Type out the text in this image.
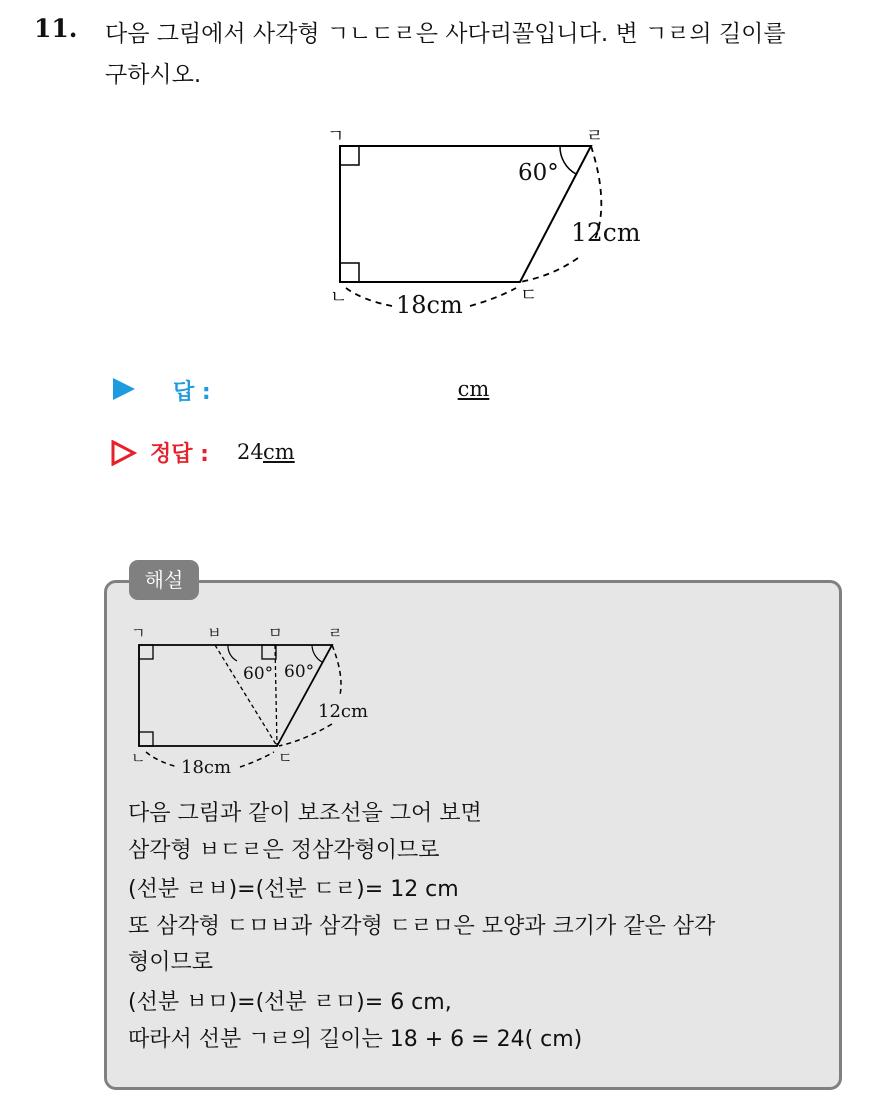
11. 다음 그림에서 사각형 ㄱㄴㄷㄹ은 사다리꼴입니다. 변 ㄱㄹ의 길이를
구하시오.
ㄱ	ㄹ
ㄴ	ㄷ
60°
12cm
18cm
답 :	cm
정답 : 24 cm
해설
ㄱ	ㅂ	ㅁ	ㄹ
ㄴ	ㄷ
60° 60°
12cm
18cm
다음 그림과 같이 보조선을 그어 보면
삼각형 ㅂㄷㄹ은 정삼각형이므로
(선분 ㄹㅂ)=(선분 ㄷㄹ)= 12 cm
또 삼각형 ㄷㅁㅂ과 삼각형 ㄷㄹㅁ은 모양과 크기가 같은 삼각
형이므로
(선분 ㅂㅁ)=(선분 ㄹㅁ)= 6 cm,
따라서 선분 ㄱㄹ의 길이는 18 + 6 = 24( cm)
